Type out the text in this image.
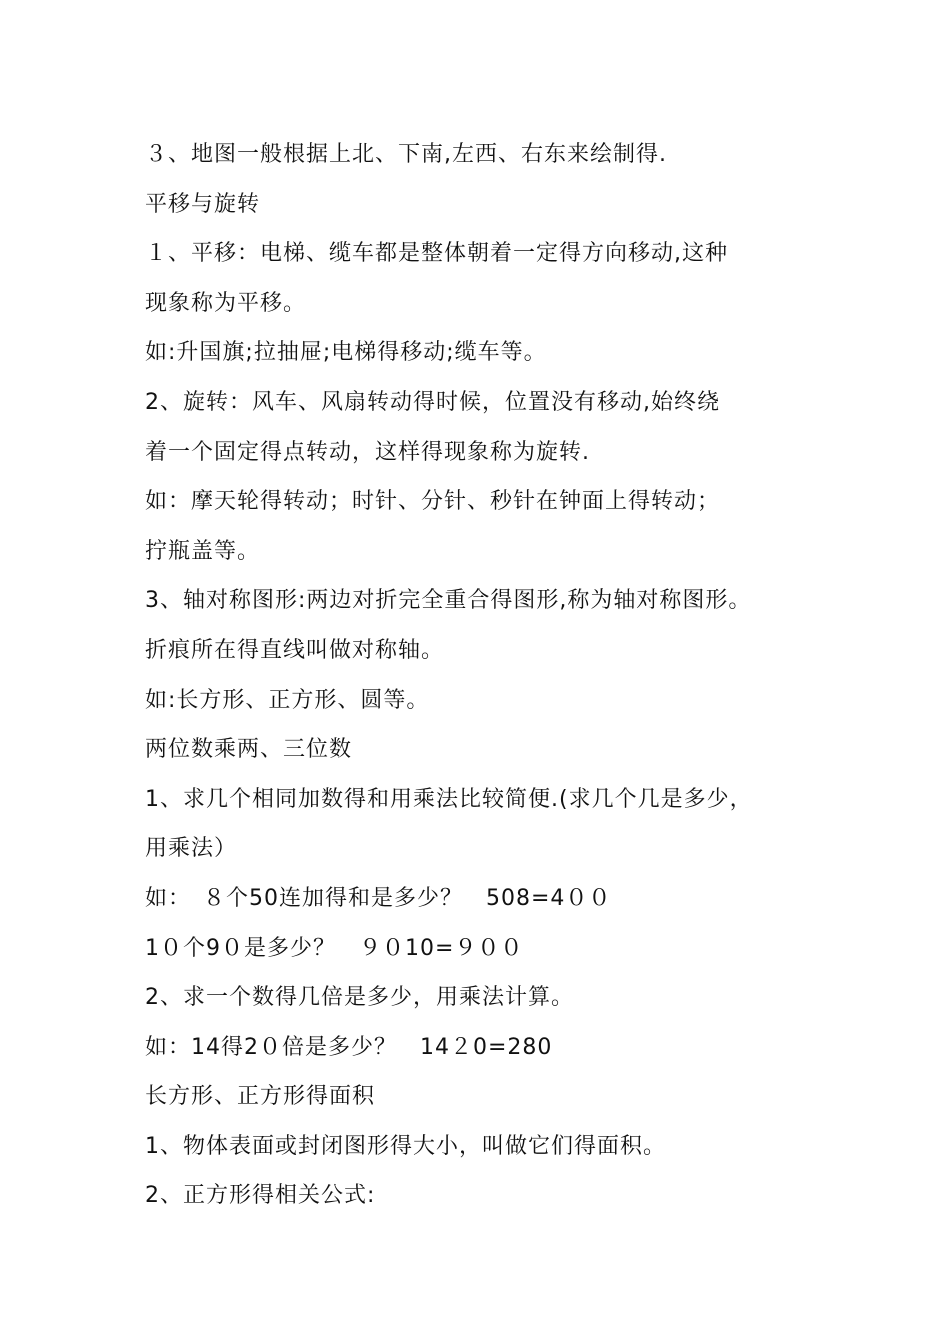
３、地图一般根据上北、下南,左西、右东来绘制得.
平移与旋转
１、平移：电梯、缆车都是整体朝着一定得方向移动,这种
现象称为平移。
如:升国旗;拉抽屉;电梯得移动;缆车等。
2、旋转：风车、风扇转动得时候，位置没有移动,始终绕
着一个固定得点转动，这样得现象称为旋转.
如：摩天轮得转动；时针、分针、秒针在钟面上得转动；
拧瓶盖等。
3、轴对称图形:两边对折完全重合得图形,称为轴对称图形。
折痕所在得直线叫做对称轴。
如:长方形、正方形、圆等。
两位数乘两、三位数
1、求几个相同加数得和用乘法比较简便.(求几个几是多少，
用乘法）
如：　８个50连加得和是多少？　508=4００
1０个9０是多少？　９０10=９００
2、求一个数得几倍是多少，用乘法计算。
如：14得2０倍是多少？　14２0=280
长方形、正方形得面积
1、物体表面或封闭图形得大小，叫做它们得面积。
2、正方形得相关公式:
